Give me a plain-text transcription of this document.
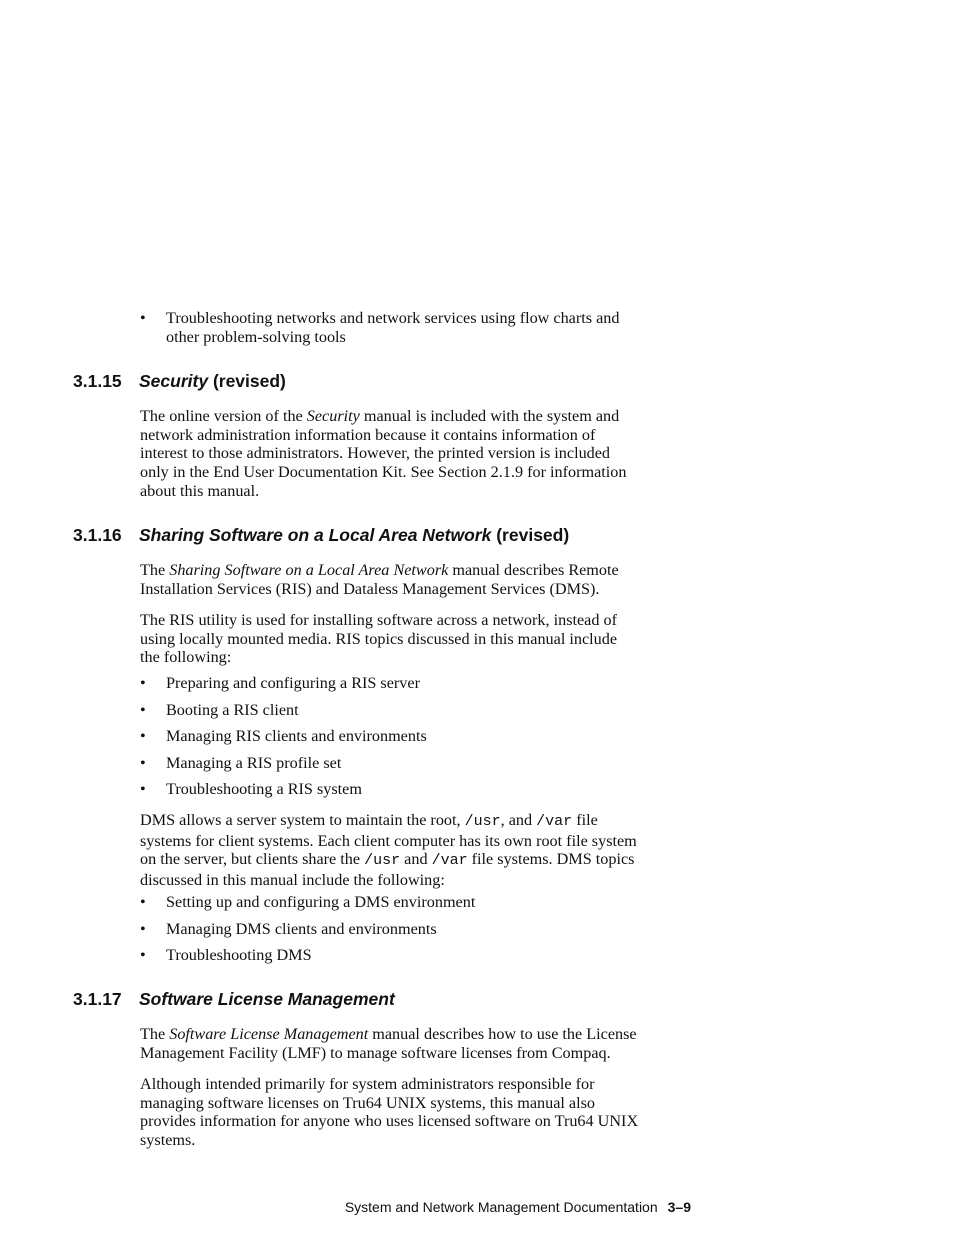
• Troubleshooting networks and network services using flow charts and
other problem-solving tools
3.1.15 Security (revised)

The online version of the Security manual is included with the system and
network administration information because it contains information of
interest to those administrators. However, the printed version is included
only in the End User Documentation Kit. See Section 2.1.9 for information
about this manual.

3.1.16 Sharing Software on a Local Area Network (revised)

The Sharing Software on a Local Area Network manual describes Remote
Installation Services (RIS) and Dataless Management Services (DMS).

The RIS utility is used for installing software across a network, instead of
using locally mounted media. RIS topics discussed in this manual include
the following:

• Preparing and configuring a RIS server
• Booting a RIS client
• Managing RIS clients and environments
• Managing a RIS profile set
• Troubleshooting a RIS system

DMS allows a server system to maintain the root, /usr, and /var file
systems for client systems. Each client computer has its own root file system
on the server, but clients share the /usr and /var file systems. DMS topics
discussed in this manual include the following:

• Setting up and configuring a DMS environment
• Managing DMS clients and environments
• Troubleshooting DMS
3.1.17 Software License Management

The Software License Management manual describes how to use the License
Management Facility (LMF) to manage software licenses from Compaq.

Although intended primarily for system administrators responsible for
managing software licenses on Tru64 UNIX systems, this manual also
provides information for anyone who uses licensed software on Tru64 UNIX
systems.

System and Network Management Documentation 3–9
